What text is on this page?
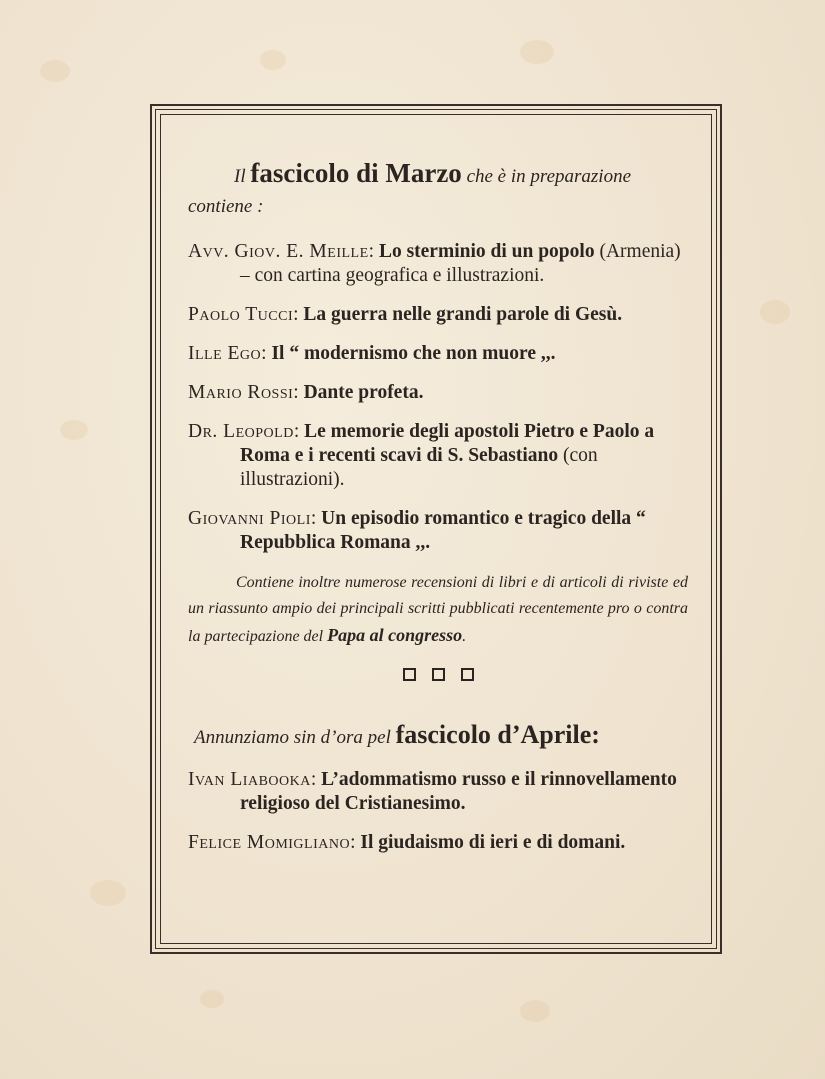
Il fascicolo di Marzo che è in preparazione contiene :

Avv. Giov. E. Meille: Lo sterminio di un popolo (Armenia) – con cartina geografica e illustrazioni.

Paolo Tucci: La guerra nelle grandi parole di Gesù.

Ille Ego: Il “ modernismo che non muore ,,.

Mario Rossi: Dante profeta.

Dr. Leopold: Le memorie degli apostoli Pietro e Paolo a Roma e i recenti scavi di S. Sebastiano (con illustrazioni).

Giovanni Pioli: Un episodio romantico e tragico della “ Repubblica Romana ,,.

Contiene inoltre numerose recensioni di libri e di articoli di riviste ed un riassunto ampio dei principali scritti pubblicati recentemente pro o contra la partecipazione del Papa al congresso.

Annunziamo sin d’ora pel fascicolo d’Aprile:

Ivan Liabooka: L’adommatismo russo e il rinnovellamento religioso del Cristianesimo.

Felice Momigliano: Il giudaismo di ieri e di domani.
